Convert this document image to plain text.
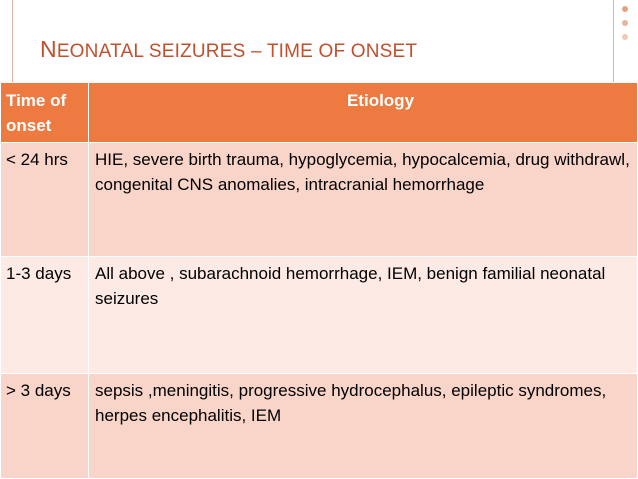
NEONATAL SEIZURES – TIME OF ONSET
Time of onset	Etiology
< 24 hrs	HIE, severe birth trauma, hypoglycemia, hypocalcemia, drug withdrawl, congenital CNS anomalies, intracranial hemorrhage
1-3 days	All above , subarachnoid hemorrhage, IEM, benign familial neonatal seizures
> 3 days	sepsis ,meningitis, progressive hydrocephalus, epileptic syndromes, herpes encephalitis, IEM
